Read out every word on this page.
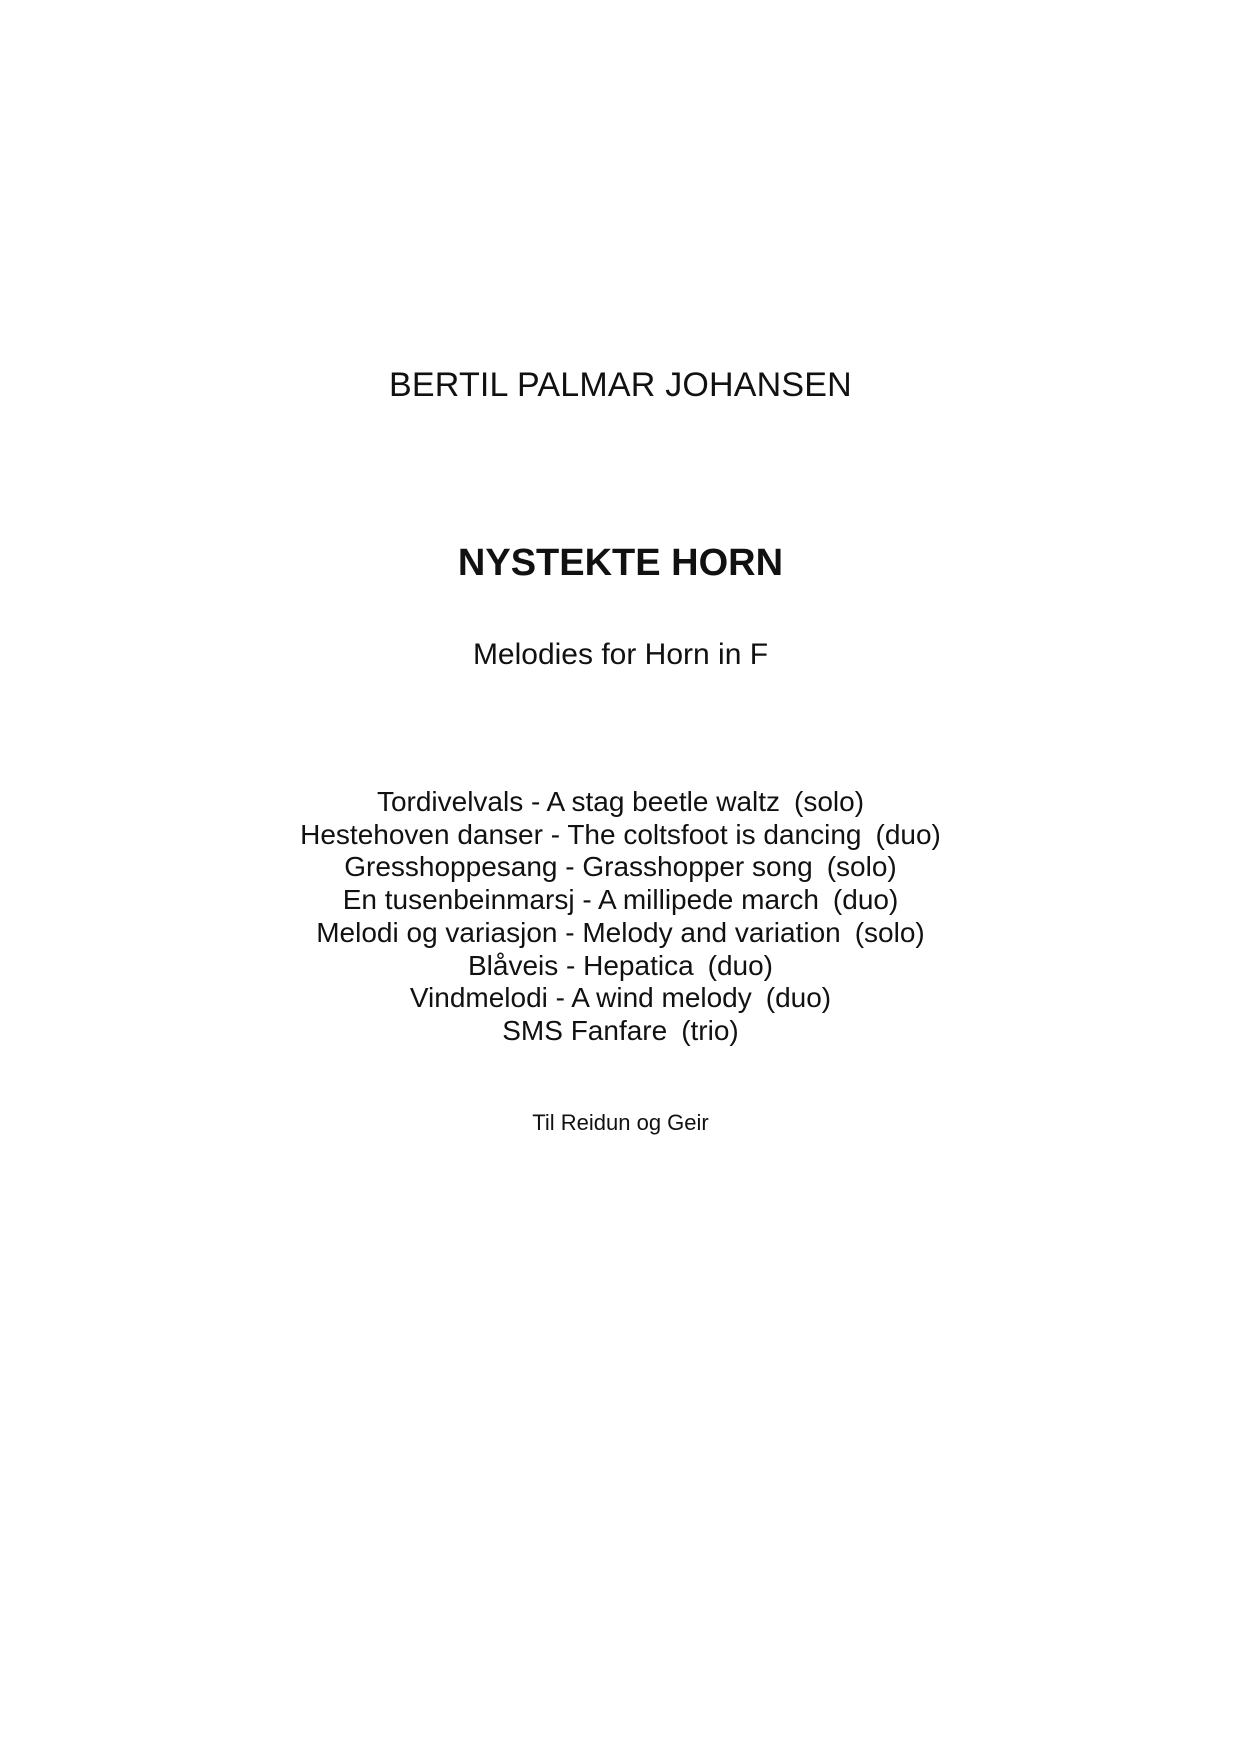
BERTIL PALMAR JOHANSEN
NYSTEKTE HORN
Melodies for Horn in F
Tordivelvals - A stag beetle waltz (solo)
Hestehoven danser - The coltsfoot is dancing (duo)
Gresshoppesang - Grasshopper song (solo)
En tusenbeinmarsj - A millipede march (duo)
Melodi og variasjon - Melody and variation (solo)
Blåveis - Hepatica (duo)
Vindmelodi - A wind melody (duo)
SMS Fanfare (trio)
Til Reidun og Geir
